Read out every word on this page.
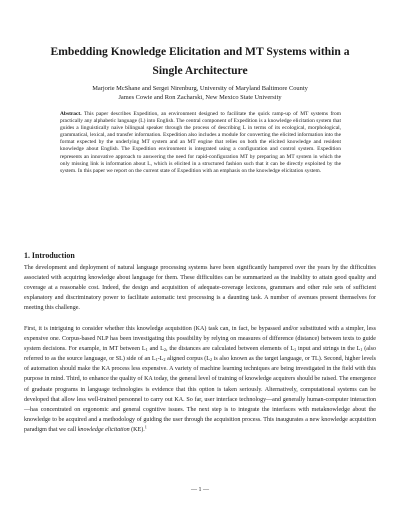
Embedding Knowledge Elicitation and MT Systems within a
Single Architecture
Marjorie McShane and Sergei Nirenburg, University of Maryland Baltimore County
James Cowie and Ron Zacharski, New Mexico State University
Abstract. This paper describes Expedition, an environment designed to facilitate the quick ramp-up of MT systems from practically any alphabetic language (L) into English. The central component of Expedition is a knowledge elicitation system that guides a linguistically naive bilingual speaker through the process of describing L in terms of its ecological, morphological, grammatical, lexical, and transfer information. Expedition also includes a module for converting the elicited information into the format expected by the underlying MT system and an MT engine that relies on both the elicited knowledge and resident knowledge about English. The Expedition environment is integrated using a configuration and control system. Expedition represents an innovative approach to answering the need for rapid-configuration MT by preparing an MT system in which the only missing link is information about L, which is elicited in a structured fashion such that it can be directly exploited by the system. In this paper we report on the current state of Expedition with an emphasis on the knowledge elicitation system.
1. Introduction
The development and deployment of natural language processing systems have been significantly hampered over the years by the difficulties associated with acquiring knowledge about language for them. These difficulties can be summarized as the inability to attain good quality and coverage at a reasonable cost. Indeed, the design and acquisition of adequate-coverage lexicons, grammars and other rule sets of sufficient explanatory and discriminatory power to facilitate automatic text processing is a daunting task. A number of avenues present themselves for meeting this challenge.
First, it is intriguing to consider whether this knowledge acquisition (KA) task can, in fact, be bypassed and/or substituted with a simpler, less expensive one. Corpus-based NLP has been investigating this possibility by relying on measures of difference (distance) between texts to guide system decisions. For example, in MT between $L_1$ and $L_2$, the distances are calculated between elements of $L_1$ input and strings in the $L_1$ (also referred to as the source language, or SL) side of an $L_1-L_2$ aligned corpus ($L_2$ is also known as the target language, or TL). Second, higher levels of automation should make the KA process less expensive. A variety of machine learning techniques are being investigated in the field with this purpose in mind. Third, to enhance the quality of KA today, the general level of training of knowledge acquirers should be raised. The emergence of graduate programs in language technologies is evidence that this option is taken seriously. Alternatively, computational systems can be developed that allow less well-trained personnel to carry out KA. So far, user interface technology—and generally human-computer interaction—has concentrated on ergonomic and general cognitive issues. The next step is to integrate the interfaces with metaknowledge about the knowledge to be acquired and a methodology of guiding the user through the acquisition process. This inaugurates a new knowledge acquisition paradigm that we call knowledge elicitation (KE).$^1$
— 1 —
